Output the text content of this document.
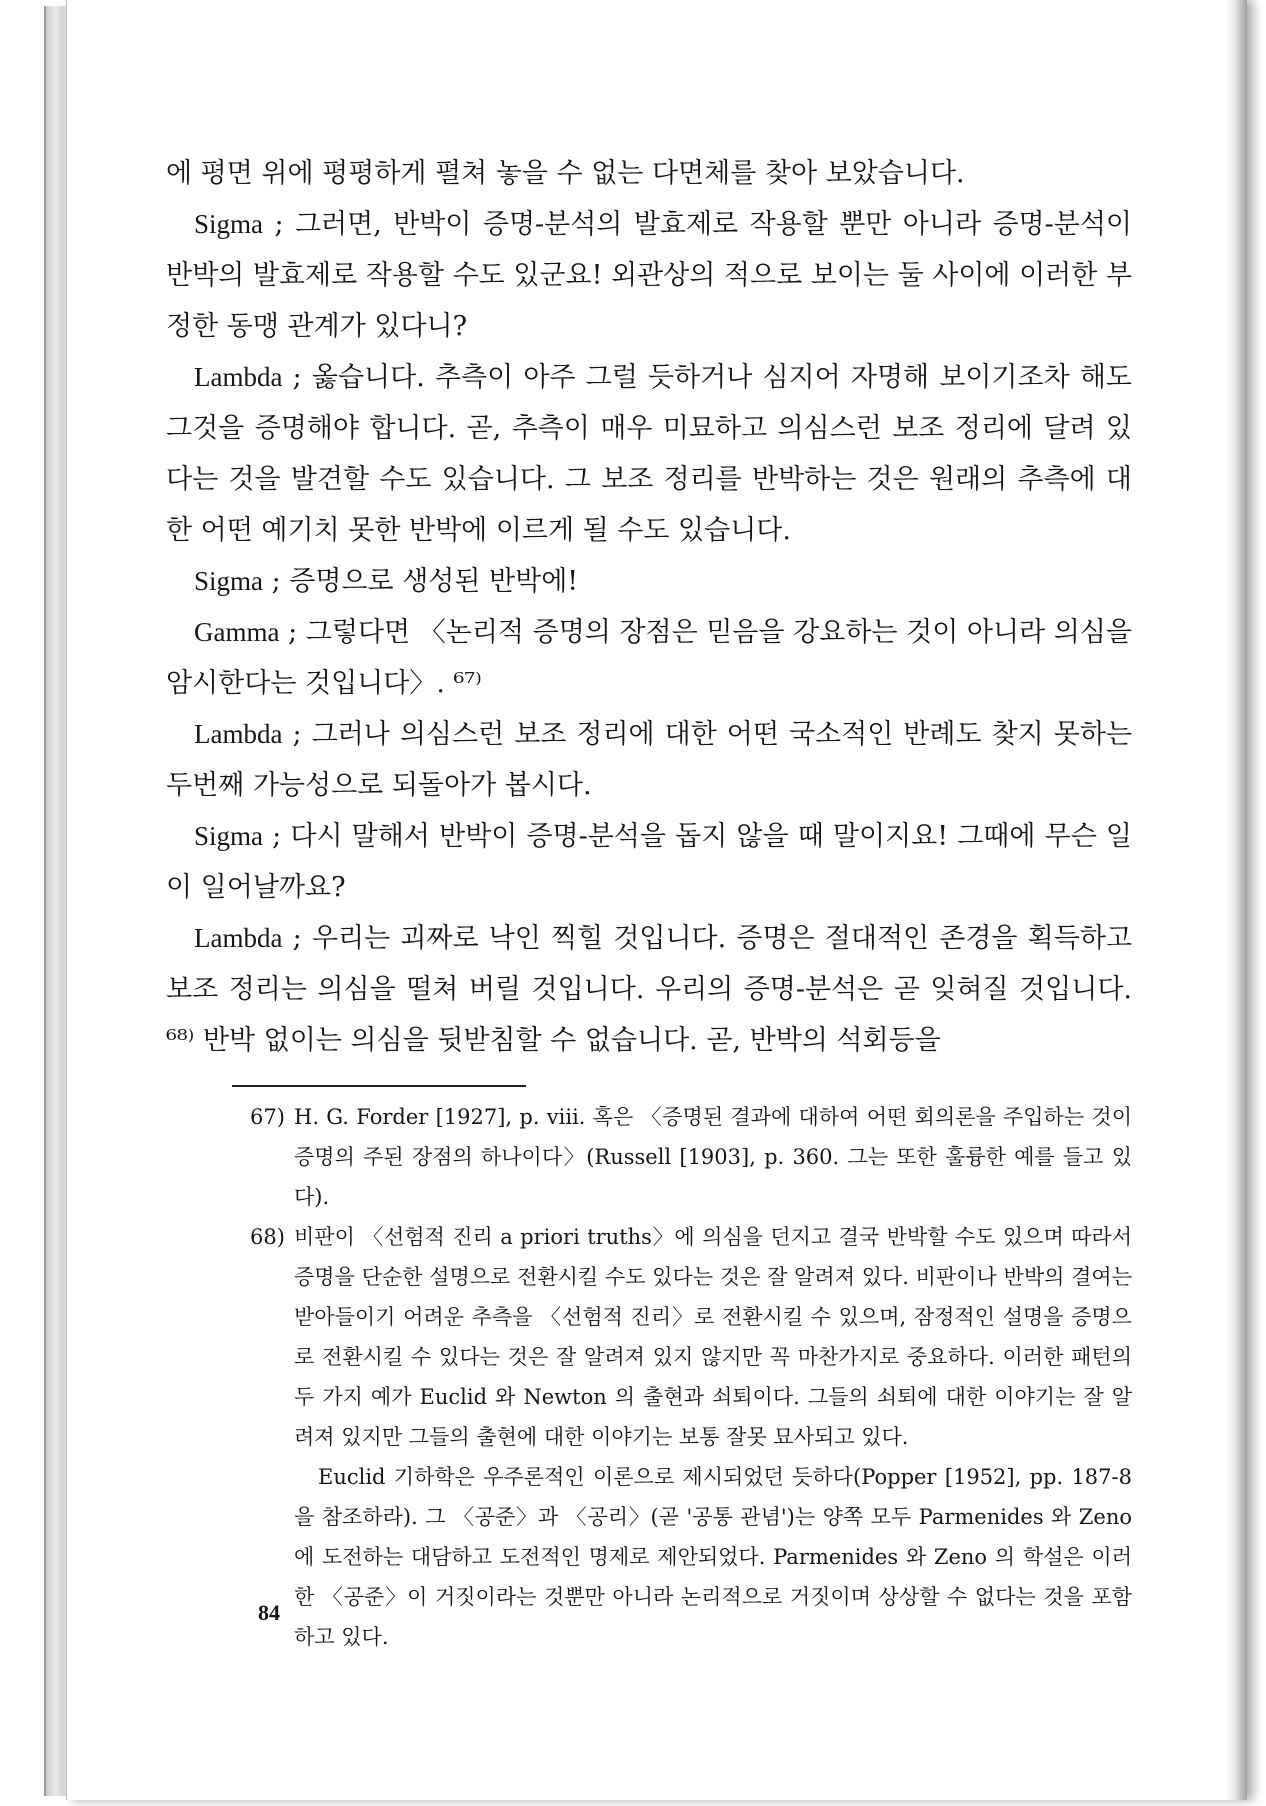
에 평면 위에 평평하게 펼쳐 놓을 수 없는 다면체를 찾아 보았습니다.

Sigma ; 그러면, 반박이 증명-분석의 발효제로 작용할 뿐만 아니라 증명-분석이 반박의 발효제로 작용할 수도 있군요! 외관상의 적으로 보이는 둘 사이에 이러한 부정한 동맹 관계가 있다니?

Lambda ; 옳습니다. 추측이 아주 그럴 듯하거나 심지어 자명해 보이기조차 해도 그것을 증명해야 합니다. 곧, 추측이 매우 미묘하고 의심스런 보조 정리에 달려 있다는 것을 발견할 수도 있습니다. 그 보조 정리를 반박하는 것은 원래의 추측에 대한 어떤 예기치 못한 반박에 이르게 될 수도 있습니다.

Sigma ; 증명으로 생성된 반박에!

Gamma ; 그렇다면 〈논리적 증명의 장점은 믿음을 강요하는 것이 아니라 의심을 암시한다는 것입니다〉. ⁶⁷⁾

Lambda ; 그러나 의심스런 보조 정리에 대한 어떤 국소적인 반례도 찾지 못하는 두번째 가능성으로 되돌아가 봅시다.

Sigma ; 다시 말해서 반박이 증명-분석을 돕지 않을 때 말이지요! 그때에 무슨 일이 일어날까요?

Lambda ; 우리는 괴짜로 낙인 찍힐 것입니다. 증명은 절대적인 존경을 획득하고 보조 정리는 의심을 떨쳐 버릴 것입니다. 우리의 증명-분석은 곧 잊혀질 것입니다. ⁶⁸⁾ 반박 없이는 의심을 뒷받침할 수 없습니다. 곧, 반박의 석회등을

67) H. G. Forder [1927], p. viii. 혹은 〈증명된 결과에 대하여 어떤 회의론을 주입하는 것이 증명의 주된 장점의 하나이다〉(Russell [1903], p. 360. 그는 또한 훌륭한 예를 들고 있다).

68) 비판이 〈선험적 진리 a priori truths〉에 의심을 던지고 결국 반박할 수도 있으며 따라서 증명을 단순한 설명으로 전환시킬 수도 있다는 것은 잘 알려져 있다. 비판이나 반박의 결여는 받아들이기 어려운 추측을 〈선험적 진리〉로 전환시킬 수 있으며, 잠정적인 설명을 증명으로 전환시킬 수 있다는 것은 잘 알려져 있지 않지만 꼭 마찬가지로 중요하다. 이러한 패턴의 두 가지 예가 Euclid 와 Newton 의 출현과 쇠퇴이다. 그들의 쇠퇴에 대한 이야기는 잘 알려져 있지만 그들의 출현에 대한 이야기는 보통 잘못 묘사되고 있다.

Euclid 기하학은 우주론적인 이론으로 제시되었던 듯하다(Popper [1952], pp. 187-8을 참조하라). 그 〈공준〉과 〈공리〉(곧 '공통 관념')는 양쪽 모두 Parmenides 와 Zeno 에 도전하는 대담하고 도전적인 명제로 제안되었다. Parmenides 와 Zeno 의 학설은 이러한 〈공준〉이 거짓이라는 것뿐만 아니라 논리적으로 거짓이며 상상할 수 없다는 것을 포함하고 있다.

84
